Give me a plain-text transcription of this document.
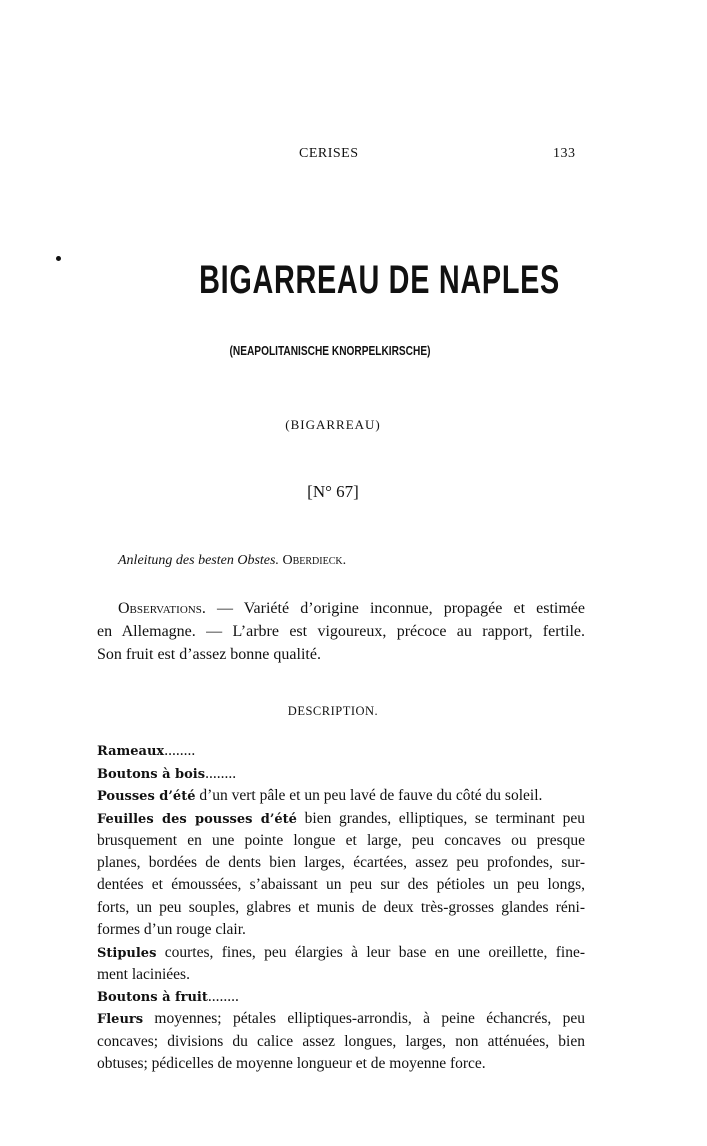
CERISES	133
BIGARREAU DE NAPLES
(NEAPOLITANISCHE KNORPELKIRSCHE)
(BIGARREAU)
[N° 67]
Anleitung des besten Obstes. Oberdieck.
Observations. — Variété d’origine inconnue, propagée et estimée
en Allemagne. — L’arbre est vigoureux, précoce au rapport, fertile.
Son fruit est d’assez bonne qualité.
DESCRIPTION.
Rameaux........
Boutons à bois........
Pousses d’été d’un vert pâle et un peu lavé de fauve du côté du soleil.
Feuilles des pousses d’été bien grandes, elliptiques, se terminant peu
brusquement en une pointe longue et large, peu concaves ou presque
planes, bordées de dents bien larges, écartées, assez peu profondes, sur-
dentées et émoussées, s’abaissant un peu sur des pétioles un peu longs,
forts, un peu souples, glabres et munis de deux très-grosses glandes réni-
formes d’un rouge clair.
Stipules courtes, fines, peu élargies à leur base en une oreillette, fine-
ment laciniées.
Boutons à fruit........
Fleurs moyennes; pétales elliptiques-arrondis, à peine échancrés, peu
concaves; divisions du calice assez longues, larges, non atténuées, bien
obtuses; pédicelles de moyenne longueur et de moyenne force.
